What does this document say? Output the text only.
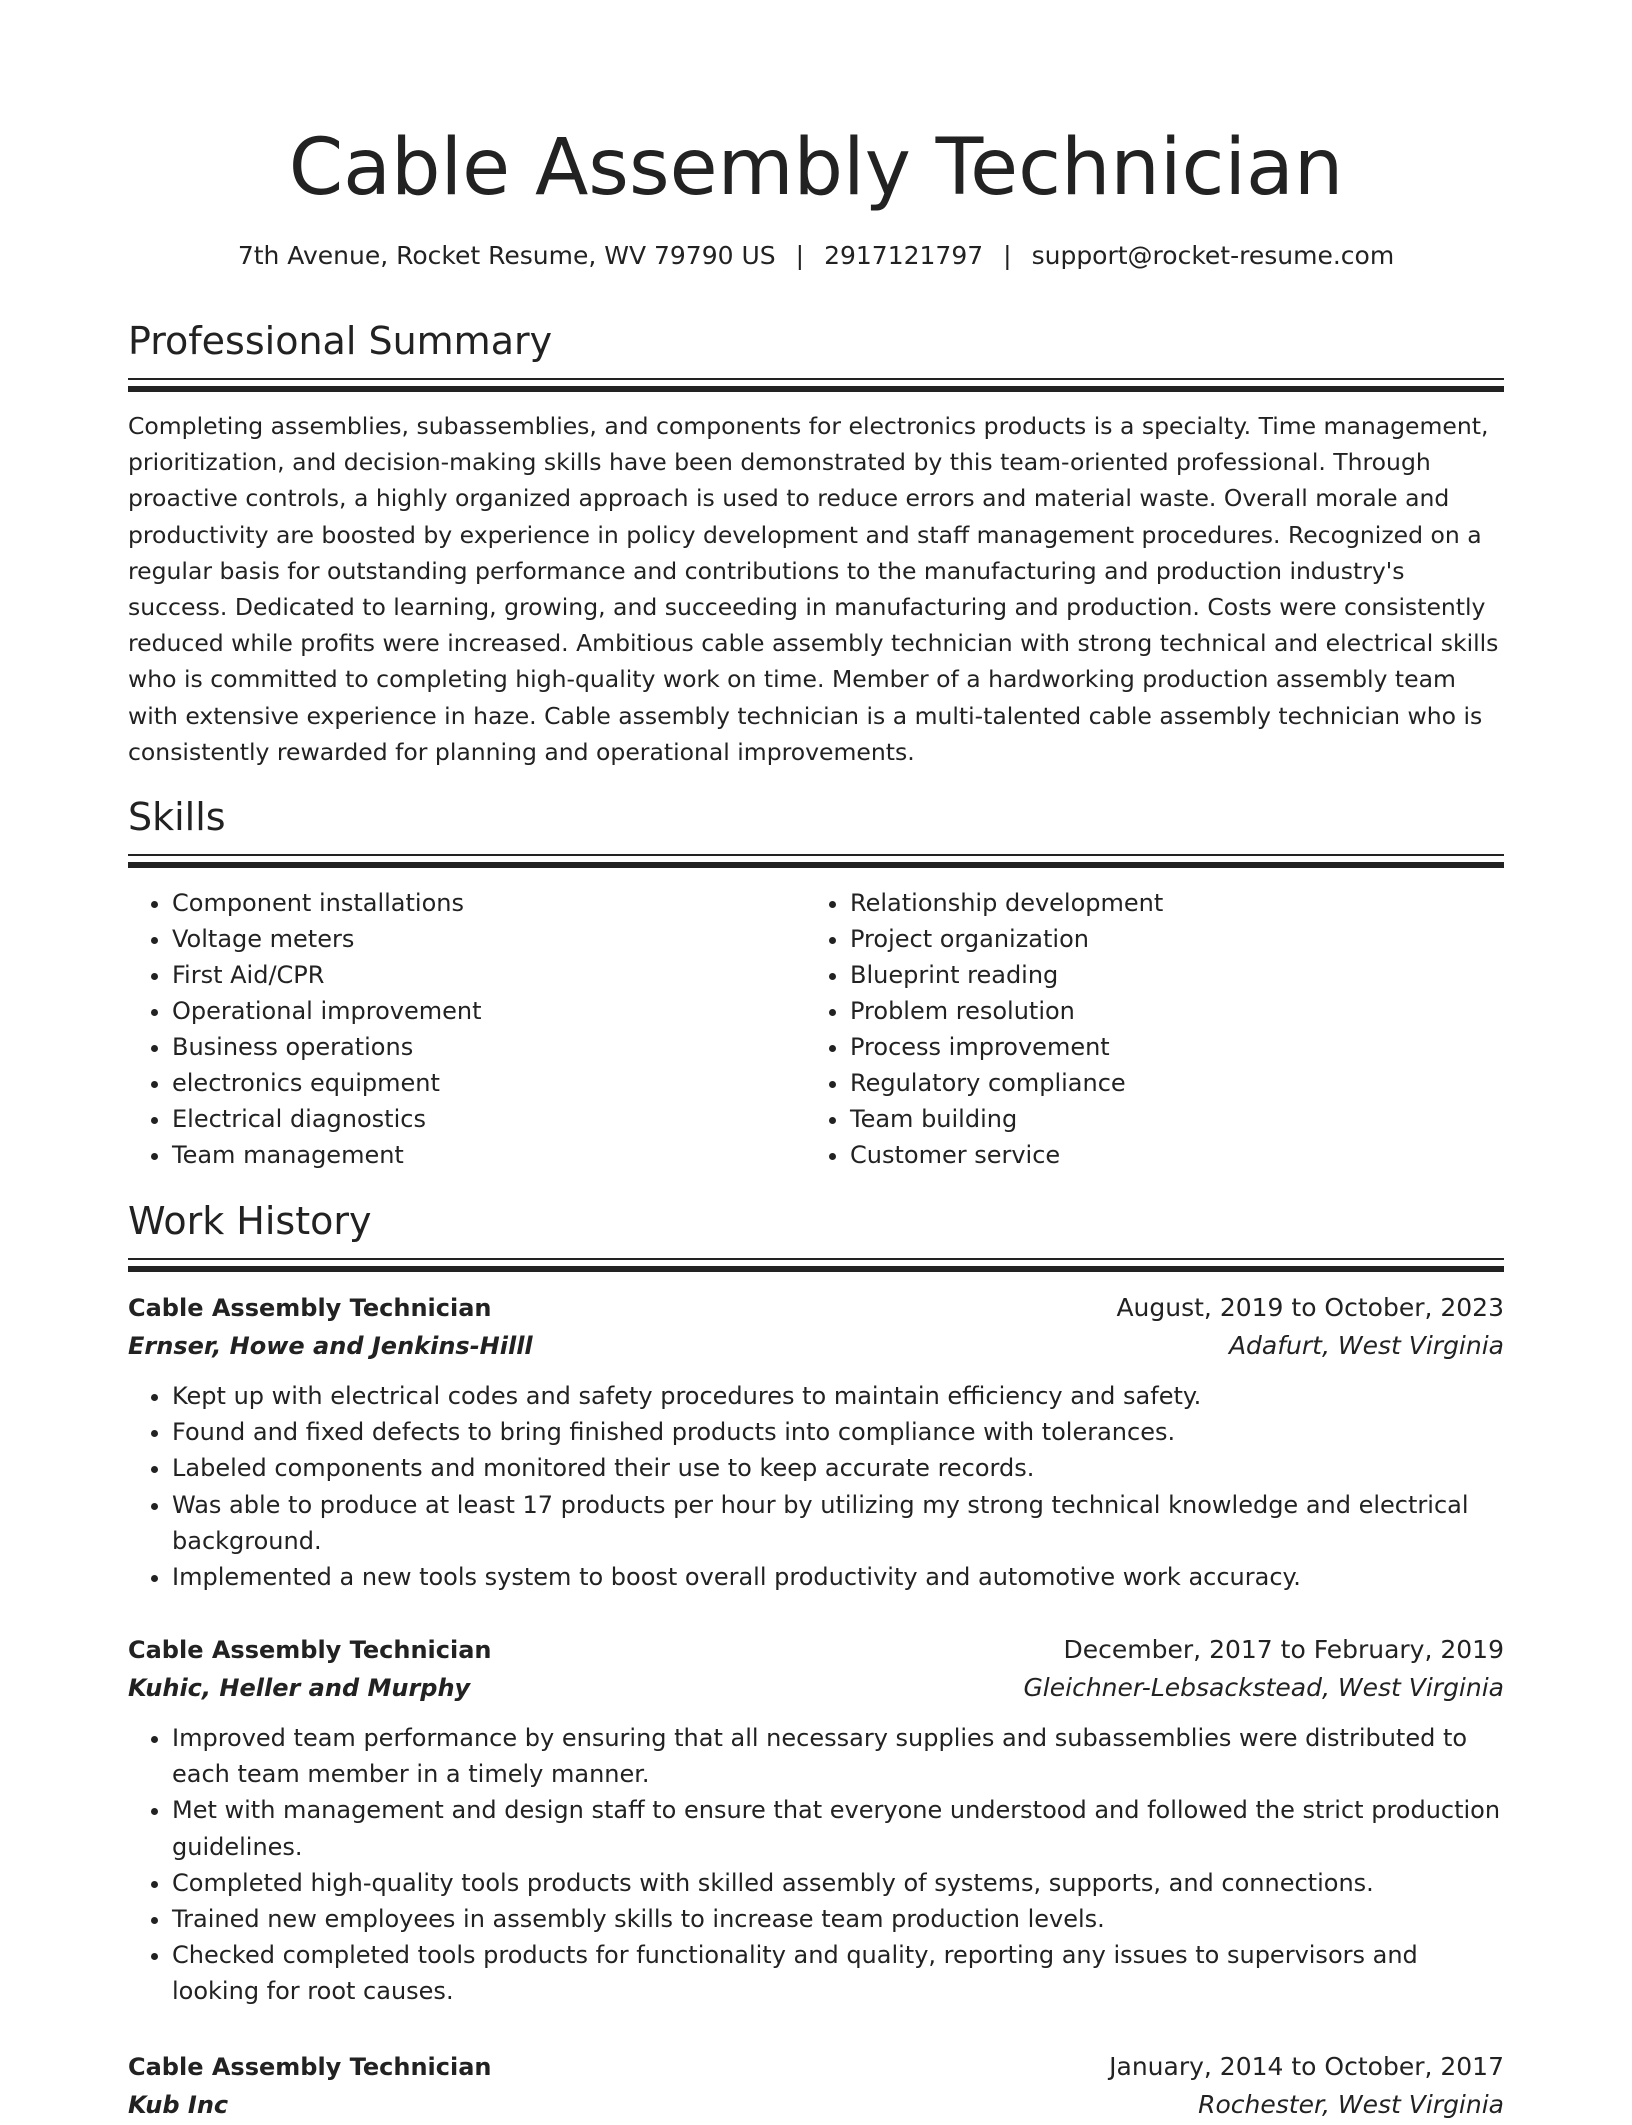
Cable Assembly Technician
7th Avenue, Rocket Resume, WV 79790 US | 2917121797 | support@rocket-resume.com
Professional Summary

Completing assemblies, subassemblies, and components for electronics products is a specialty. Time management, prioritization, and decision-making skills have been demonstrated by this team-oriented professional. Through proactive controls, a highly organized approach is used to reduce errors and material waste. Overall morale and productivity are boosted by experience in policy development and staff management procedures. Recognized on a regular basis for outstanding performance and contributions to the manufacturing and production industry's success. Dedicated to learning, growing, and succeeding in manufacturing and production. Costs were consistently reduced while profits were increased. Ambitious cable assembly technician with strong technical and electrical skills who is committed to completing high-quality work on time. Member of a hardworking production assembly team with extensive experience in haze. Cable assembly technician is a multi-talented cable assembly technician who is consistently rewarded for planning and operational improvements.

Skills
• Component installations
• Voltage meters
• First Aid/CPR
• Operational improvement
• Business operations
• electronics equipment
• Electrical diagnostics
• Team management
• Relationship development
• Project organization
• Blueprint reading
• Problem resolution
• Process improvement
• Regulatory compliance
• Team building
• Customer service
Work History
Cable Assembly Technician	August, 2019 to October, 2023
Ernser, Howe and Jenkins-Hilll	Adafurt, West Virginia
• Kept up with electrical codes and safety procedures to maintain efficiency and safety.
• Found and fixed defects to bring finished products into compliance with tolerances.
• Labeled components and monitored their use to keep accurate records.
• Was able to produce at least 17 products per hour by utilizing my strong technical knowledge and electrical background.
• Implemented a new tools system to boost overall productivity and automotive work accuracy.
Cable Assembly Technician	December, 2017 to February, 2019
Kuhic, Heller and Murphy	Gleichner-Lebsackstead, West Virginia
• Improved team performance by ensuring that all necessary supplies and subassemblies were distributed to each team member in a timely manner.
• Met with management and design staff to ensure that everyone understood and followed the strict production guidelines.
• Completed high-quality tools products with skilled assembly of systems, supports, and connections.
• Trained new employees in assembly skills to increase team production levels.
• Checked completed tools products for functionality and quality, reporting any issues to supervisors and looking for root causes.
Cable Assembly Technician	January, 2014 to October, 2017
Kub Inc	Rochester, West Virginia
